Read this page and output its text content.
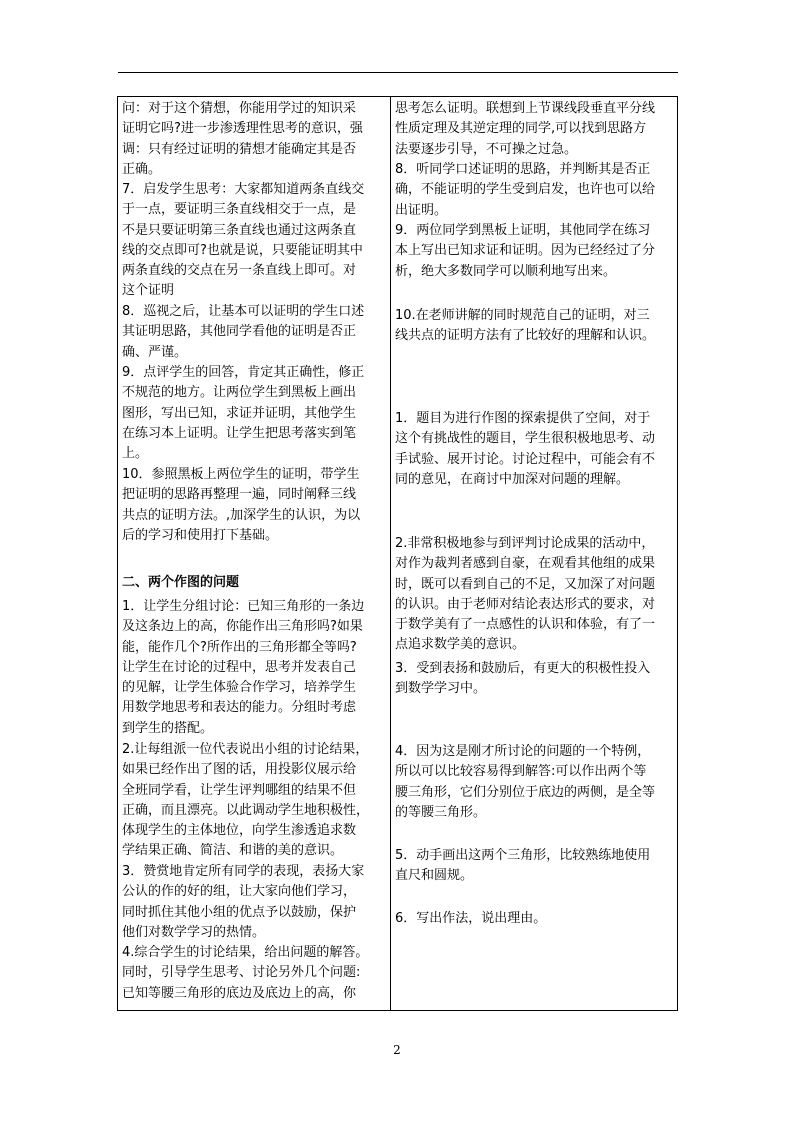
问：对于这个猜想，你能用学过的知识采
证明它吗?进一步渗透理性思考的意识，强
调：只有经过证明的猜想才能确定其是否
正确。
7．启发学生思考：大家都知道两条直线交
于一点，要证明三条直线相交于一点，是
不是只要证明第三条直线也通过这两条直
线的交点即可?也就是说，只要能证明其中
两条直线的交点在另一条直线上即可。对
这个证明
8．巡视之后，让基本可以证明的学生口述
其证明思路，其他同学看他的证明是否正
确、严谨。
9．点评学生的回答，肯定其正确性，修正
不规范的地方。让两位学生到黑板上画出
图形，写出已知，求证并证明，其他学生
在练习本上证明。让学生把思考落实到笔
上。
10．参照黑板上两位学生的证明，带学生
把证明的思路再整理一遍，同时阐释三线
共点的证明方法。,加深学生的认识，为以
后的学习和使用打下基础。
二、两个作图的问题
1．让学生分组讨论：已知三角形的一条边
及这条边上的高，你能作出三角形吗?如果
能，能作几个?所作出的三角形都全等吗?
让学生在讨论的过程中，思考并发表自己
的见解，让学生体验合作学习，培养学生
用数学地思考和表达的能力。分组时考虑
到学生的搭配。
2.让每组派一位代表说出小组的讨论结果，
如果已经作出了图的话，用投影仪展示给
全班同学看，让学生评判哪组的结果不但
正确，而且漂亮。以此调动学生地积极性，
体现学生的主体地位，向学生渗透追求数
学结果正确、简洁、和谐的美的意识。
3．赞赏地肯定所有同学的表现，表扬大家
公认的作的好的组，让大家向他们学习，
同时抓住其他小组的优点予以鼓励，保护
他们对数学学习的热情。
4.综合学生的讨论结果，给出问题的解答。
同时，引导学生思考、讨论另外几个问题:
已知等腰三角形的底边及底边上的高，你
思考怎么证明。联想到上节课线段垂直平分线
性质定理及其逆定理的同学,可以找到思路方
法要逐步引导，不可操之过急。
8．听同学口述证明的思路，并判断其是否正
确，不能证明的学生受到启发，也许也可以给
出证明。
9．两位同学到黑板上证明，其他同学在练习
本上写出已知求证和证明。因为已经经过了分
析，绝大多数同学可以顺利地写出来。
10.在老师讲解的同时规范自己的证明，对三
线共点的证明方法有了比较好的理解和认识。
1．题目为进行作图的探索提供了空间，对于
这个有挑战性的题目，学生很积极地思考、动
手试验、展开讨论。讨论过程中，可能会有不
同的意见，在商讨中加深对问题的理解。
2.非常积极地参与到评判讨论成果的活动中，
对作为裁判者感到自豪，在观看其他组的成果
时，既可以看到自己的不足，又加深了对问题
的认识。由于老师对结论表达形式的要求，对
于数学美有了一点感性的认识和体验，有了一
点追求数学美的意识。
3．受到表扬和鼓励后，有更大的积极性投入
到数学学习中。
4．因为这是刚才所讨论的问题的一个特例，
所以可以比较容易得到解答:可以作出两个等
腰三角形，它们分别位于底边的两侧，是全等
的等腰三角形。
5．动手画出这两个三角形，比较熟练地使用
直尺和圆规。
6．写出作法，说出理由。
2
